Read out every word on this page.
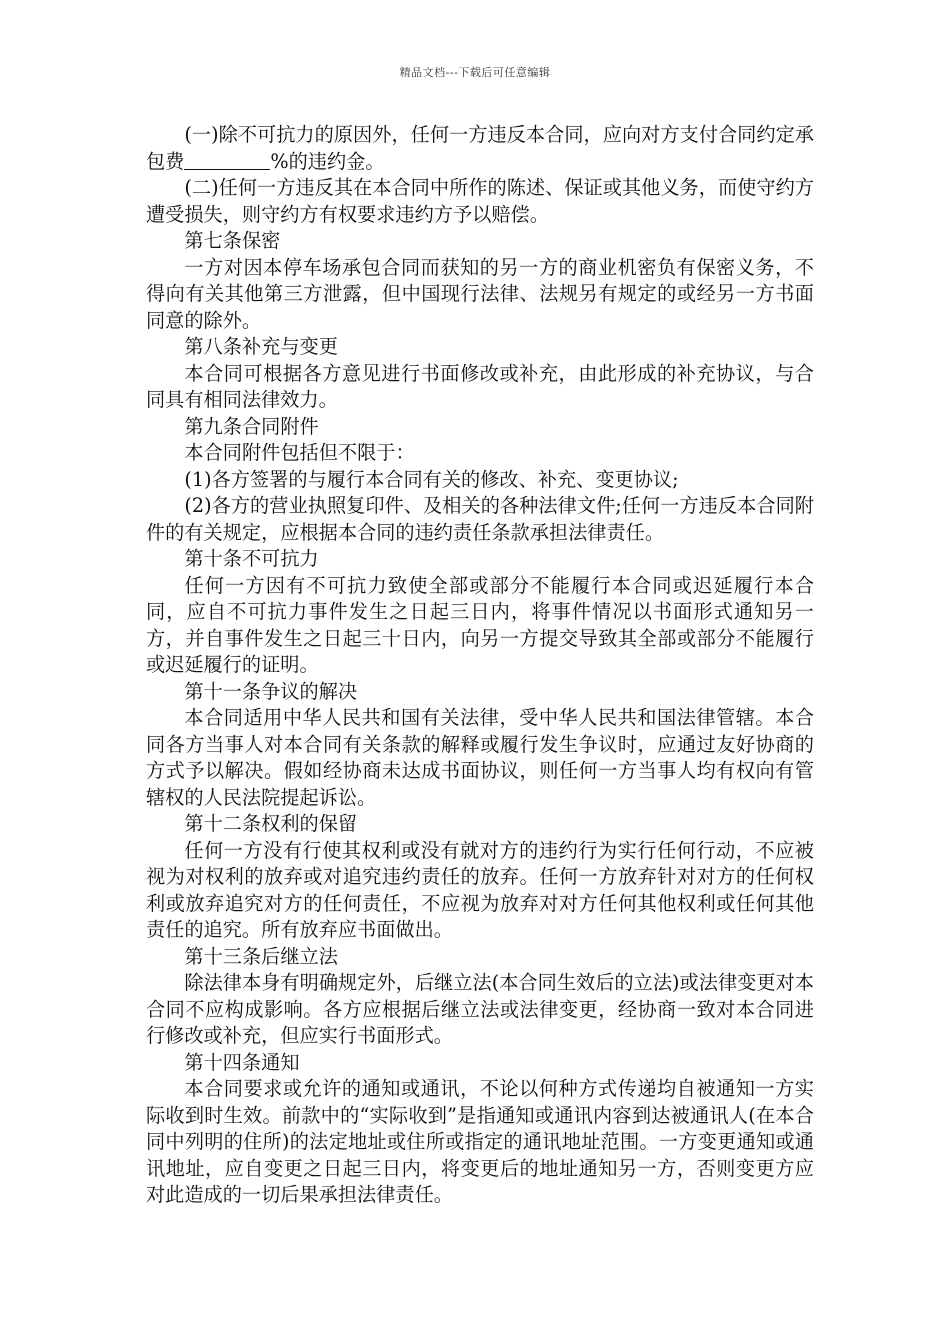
精品文档---下载后可任意编辑

(一)除不可抗力的原因外，任何一方违反本合同，应向对方支付合同约定承包费	%的违约金。

(二)任何一方违反其在本合同中所作的陈述、保证或其他义务，而使守约方遭受损失，则守约方有权要求违约方予以赔偿。

第七条保密

一方对因本停车场承包合同而获知的另一方的商业机密负有保密义务，不得向有关其他第三方泄露，但中国现行法律、法规另有规定的或经另一方书面同意的除外。

第八条补充与变更

本合同可根据各方意见进行书面修改或补充，由此形成的补充协议，与合同具有相同法律效力。

第九条合同附件

本合同附件包括但不限于：

(1)各方签署的与履行本合同有关的修改、补充、变更协议;

(2)各方的营业执照复印件、及相关的各种法律文件;任何一方违反本合同附件的有关规定，应根据本合同的违约责任条款承担法律责任。

第十条不可抗力

任何一方因有不可抗力致使全部或部分不能履行本合同或迟延履行本合同，应自不可抗力事件发生之日起三日内，将事件情况以书面形式通知另一方，并自事件发生之日起三十日内，向另一方提交导致其全部或部分不能履行或迟延履行的证明。

第十一条争议的解决

本合同适用中华人民共和国有关法律，受中华人民共和国法律管辖。本合同各方当事人对本合同有关条款的解释或履行发生争议时，应通过友好协商的方式予以解决。假如经协商未达成书面协议，则任何一方当事人均有权向有管辖权的人民法院提起诉讼。

第十二条权利的保留

任何一方没有行使其权利或没有就对方的违约行为实行任何行动，不应被视为对权利的放弃或对追究违约责任的放弃。任何一方放弃针对对方的任何权利或放弃追究对方的任何责任，不应视为放弃对对方任何其他权利或任何其他责任的追究。所有放弃应书面做出。

第十三条后继立法

除法律本身有明确规定外，后继立法(本合同生效后的立法)或法律变更对本合同不应构成影响。各方应根据后继立法或法律变更，经协商一致对本合同进行修改或补充，但应实行书面形式。

第十四条通知

本合同要求或允许的通知或通讯，不论以何种方式传递均自被通知一方实际收到时生效。前款中的“实际收到”是指通知或通讯内容到达被通讯人(在本合同中列明的住所)的法定地址或住所或指定的通讯地址范围。一方变更通知或通讯地址，应自变更之日起三日内，将变更后的地址通知另一方，否则变更方应对此造成的一切后果承担法律责任。
